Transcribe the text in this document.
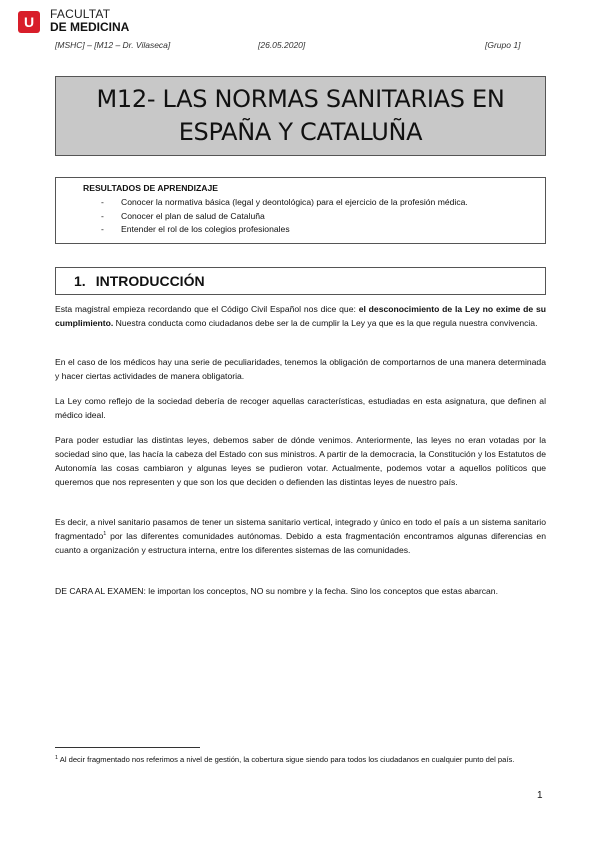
U	FACULTAT
DE MEDICINA
[MSHC] – [M12 – Dr. Vilaseca]	[26.05.2020]	[Grupo 1]
M12- LAS NORMAS SANITARIAS EN
ESPAÑA Y CATALUÑA
RESULTADOS DE APRENDIZAJE
-	Conocer la normativa básica (legal y deontológica) para el ejercicio de la profesión médica.
-	Conocer el plan de salud de Cataluña
-	Entender el rol de los colegios profesionales
1. INTRODUCCIÓN
Esta magistral empieza recordando que el Código Civil Español nos dice que: el desconocimiento de la Ley no exime de su cumplimiento. Nuestra conducta como ciudadanos debe ser la de cumplir la Ley ya que es la que regula nuestra convivencia.
En el caso de los médicos hay una serie de peculiaridades, tenemos la obligación de comportarnos de una manera determinada y hacer ciertas actividades de manera obligatoria.
La Ley como reflejo de la sociedad debería de recoger aquellas características, estudiadas en esta asignatura, que definen al médico ideal.
Para poder estudiar las distintas leyes, debemos saber de dónde venimos. Anteriormente, las leyes no eran votadas por la sociedad sino que, las hacía la cabeza del Estado con sus ministros. A partir de la democracia, la Constitución y los Estatutos de Autonomía las cosas cambiaron y algunas leyes se pudieron votar. Actualmente, podemos votar a aquellos políticos que queremos que nos representen y que son los que deciden o defienden las distintas leyes de nuestro país.
Es decir, a nivel sanitario pasamos de tener un sistema sanitario vertical, integrado y único en todo el país a un sistema sanitario fragmentado$^1$ por las diferentes comunidades autónomas. Debido a esta fragmentación encontramos algunas diferencias en cuanto a organización y estructura interna, entre los diferentes sistemas de las comunidades.
DE CARA AL EXAMEN: le importan los conceptos, NO su nombre y la fecha. Sino los conceptos que estas abarcan.
$^1$ Al decir fragmentado nos referimos a nivel de gestión, la cobertura sigue siendo para todos los ciudadanos en cualquier punto del país.
1
